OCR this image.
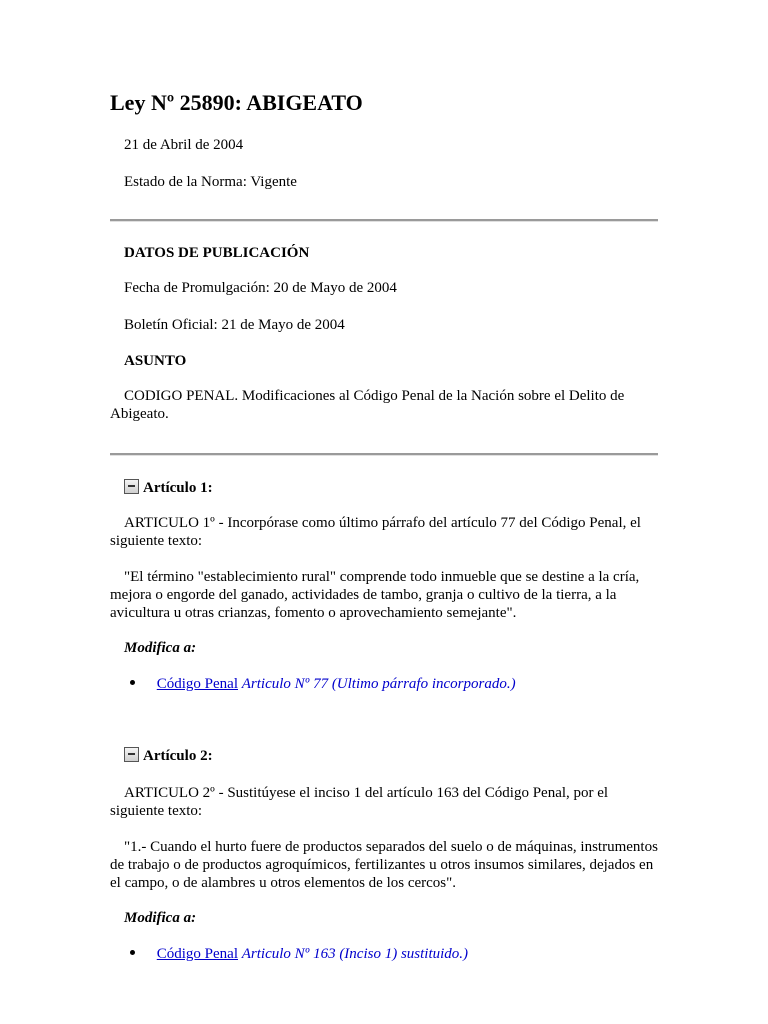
Ley Nº 25890: ABIGEATO

21 de Abril de 2004

Estado de la Norma: Vigente

DATOS DE PUBLICACIÓN

Fecha de Promulgación: 20 de Mayo de 2004

Boletín Oficial: 21 de Mayo de 2004

ASUNTO

CODIGO PENAL. Modificaciones al Código Penal de la Nación sobre el Delito de Abigeato.

Artículo 1:

ARTICULO 1º - Incorpórase como último párrafo del artículo 77 del Código Penal, el siguiente texto:

"El término "establecimiento rural" comprende todo inmueble que se destine a la cría, mejora o engorde del ganado, actividades de tambo, granja o cultivo de la tierra, a la avicultura u otras crianzas, fomento o aprovechamiento semejante".

Modifica a:

Código Penal Articulo Nº 77 (Ultimo párrafo incorporado.)
Artículo 2:

ARTICULO 2º - Sustitúyese el inciso 1 del artículo 163 del Código Penal, por el siguiente texto:

"1.- Cuando el hurto fuere de productos separados del suelo o de máquinas, instrumentos de trabajo o de productos agroquímicos, fertilizantes u otros insumos similares, dejados en el campo, o de alambres u otros elementos de los cercos".

Modifica a:

Código Penal Articulo Nº 163 (Inciso 1) sustituido.)
